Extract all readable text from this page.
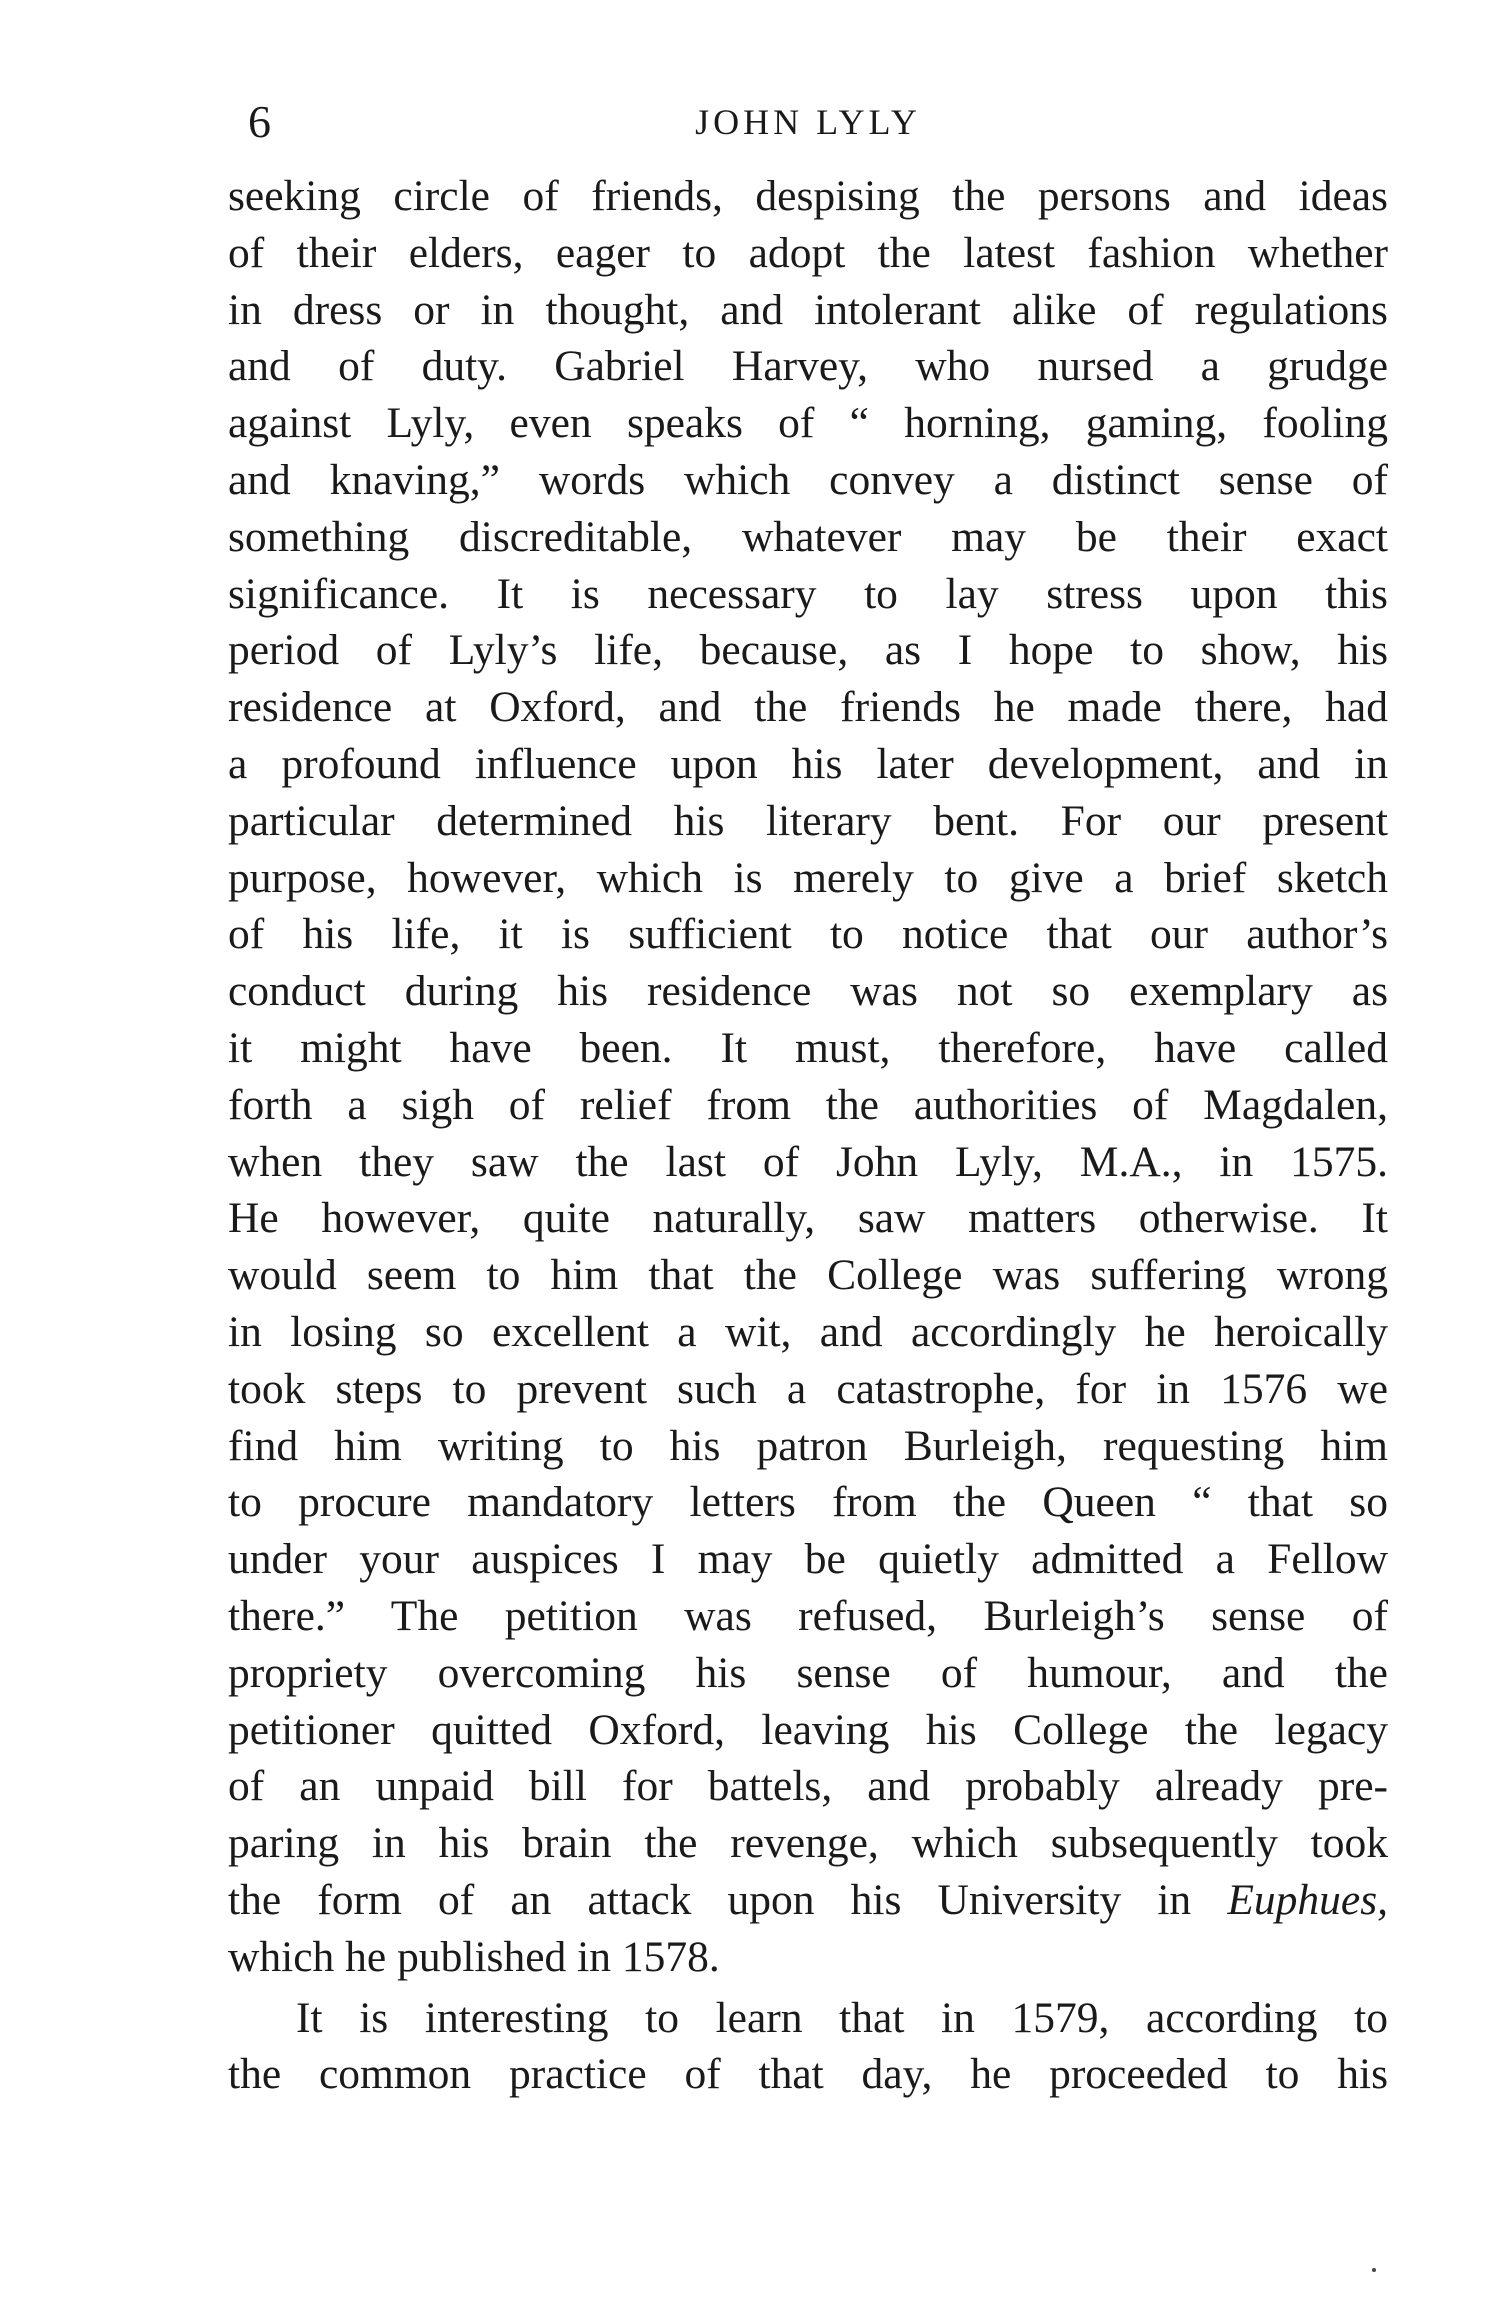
6	JOHN LYLY

seeking circle of friends, despising the persons and ideas
of their elders, eager to adopt the latest fashion whether
in dress or in thought, and intolerant alike of regulations
and of duty. Gabriel Harvey, who nursed a grudge
against Lyly, even speaks of “ horning, gaming, fooling
and knaving,” words which convey a distinct sense of
something discreditable, whatever may be their exact
significance. It is necessary to lay stress upon this
period of Lyly’s life, because, as I hope to show, his
residence at Oxford, and the friends he made there, had
a profound influence upon his later development, and in
particular determined his literary bent. For our present
purpose, however, which is merely to give a brief sketch
of his life, it is sufficient to notice that our author’s
conduct during his residence was not so exemplary as
it might have been. It must, therefore, have called
forth a sigh of relief from the authorities of Magdalen,
when they saw the last of John Lyly, M.A., in 1575.
He however, quite naturally, saw matters otherwise. It
would seem to him that the College was suffering wrong
in losing so excellent a wit, and accordingly he heroically
took steps to prevent such a catastrophe, for in 1576 we
find him writing to his patron Burleigh, requesting him
to procure mandatory letters from the Queen “ that so
under your auspices I may be quietly admitted a Fellow
there.” The petition was refused, Burleigh’s sense of
propriety overcoming his sense of humour, and the
petitioner quitted Oxford, leaving his College the legacy
of an unpaid bill for battels, and probably already pre-
paring in his brain the revenge, which subsequently took
the form of an attack upon his University in Euphues,
which he published in 1578.

It is interesting to learn that in 1579, according to
the common practice of that day, he proceeded to his
